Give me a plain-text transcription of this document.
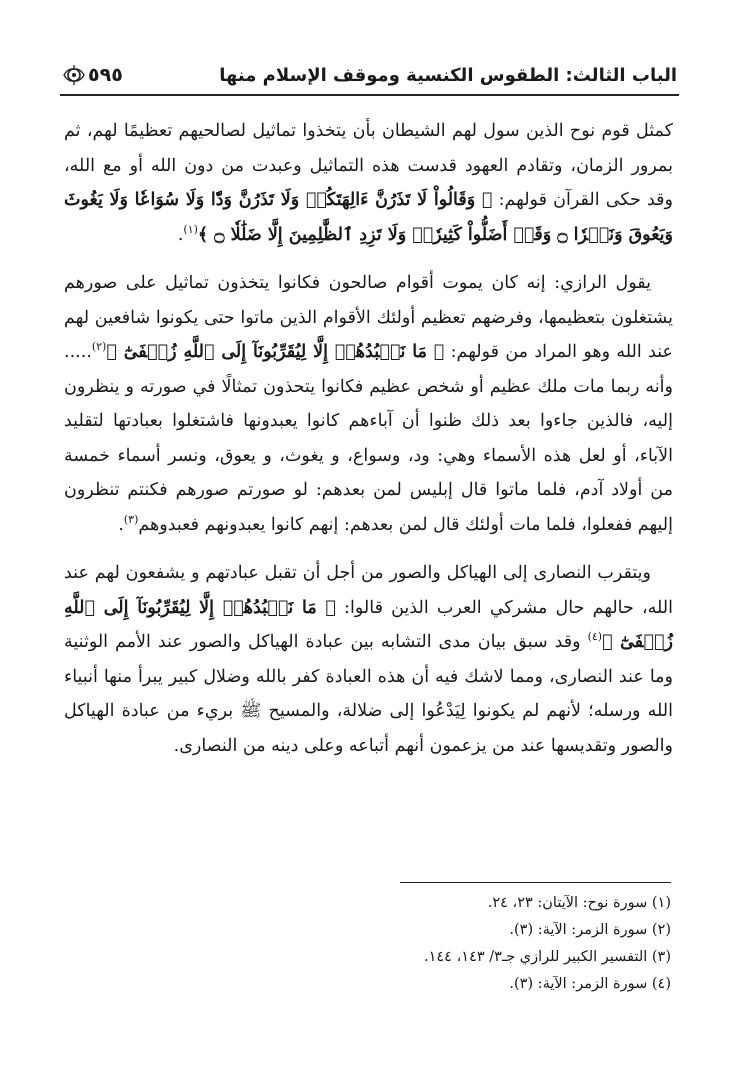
الباب الثالث: الطقوس الكنسية وموقف الإسلام منها
٥٩٥

كمثل قوم نوح الذين سول لهم الشيطان بأن يتخذوا تماثيل لصالحيهم تعظيمًا لهم، ثم بمرور الزمان، وتقادم العهود قدست هذه التماثيل وعبدت من دون الله أو مع الله، وقد حكى القرآن قولهم: ﴿ وَقَالُواْ لَا تَذَرُنَّ ءَالِهَتَكُمۡ وَلَا تَذَرُنَّ وَدّٗا وَلَا سُوَاعٗا وَلَا يَغُوثَ وَيَعُوقَ وَنَسۡرٗا ۝ وَقَدۡ أَضَلُّواْ كَثِيرٗاۖ وَلَا تَزِدِ ٱلظَّٰلِمِينَ إِلَّا ضَلَٰلٗا ۝ ﴾$^{(١)}$.

يقول الرازي: إنه كان يموت أقوام صالحون فكانوا يتخذون تماثيل على صورهم يشتغلون بتعظيمها، وفرضهم تعظيم أولئك الأقوام الذين ماتوا حتى يكونوا شافعين لهم عند الله وهو المراد من قولهم: ﴿ مَا نَعۡبُدُهُمۡ إِلَّا لِيُقَرِّبُونَآ إِلَى ٱللَّهِ زُلۡفَىٰٓ ﴾$^{(٢)}$..... وأنه ربما مات ملك عظيم أو شخص عظيم فكانوا يتحذون تمثالًا في صورته و ينظرون إليه، فالذين جاءوا بعد ذلك ظنوا أن آباءهم كانوا يعبدونها فاشتغلوا بعبادتها لتقليد الآباء، أو لعل هذه الأسماء وهي: ود، وسواع، و يغوث، و يعوق، ونسر أسماء خمسة من أولاد آدم، فلما ماتوا قال إبليس لمن بعدهم: لو صورتم صورهم فكنتم تنظرون إليهم ففعلوا، فلما مات أولئك قال لمن بعدهم: إنهم كانوا يعبدونهم فعبدوهم$^{(٣)}$.

ويتقرب النصارى إلى الهياكل والصور من أجل أن تقبل عبادتهم و يشفعون لهم عند الله، حالهم حال مشركي العرب الذين قالوا: ﴿ مَا نَعۡبُدُهُمۡ إِلَّا لِيُقَرِّبُونَآ إِلَى ٱللَّهِ زُلۡفَىٰٓ ﴾$^{(٤)}$ وقد سبق بيان مدى التشابه بين عبادة الهياكل والصور عند الأمم الوثنية وما عند النصارى، ومما لاشك فيه أن هذه العبادة كفر بالله وضلال كبير يبرأ منها أنبياء الله ورسله؛ لأنهم لم يكونوا لِيَدْعُوا إلى ضلالة، والمسيح ﷺ بريء من عبادة الهياكل والصور وتقديسها عند من يزعمون أنهم أتباعه وعلى دينه من النصارى.

(١) سورة نوح: الآيتان: ٢٣، ٢٤.

(٢) سورة الزمر: الآية: (٣).

(٣) التفسير الكبير للرازي جـ٣/ ١٤٣، ١٤٤.

(٤) سورة الزمر: الآية: (٣).
